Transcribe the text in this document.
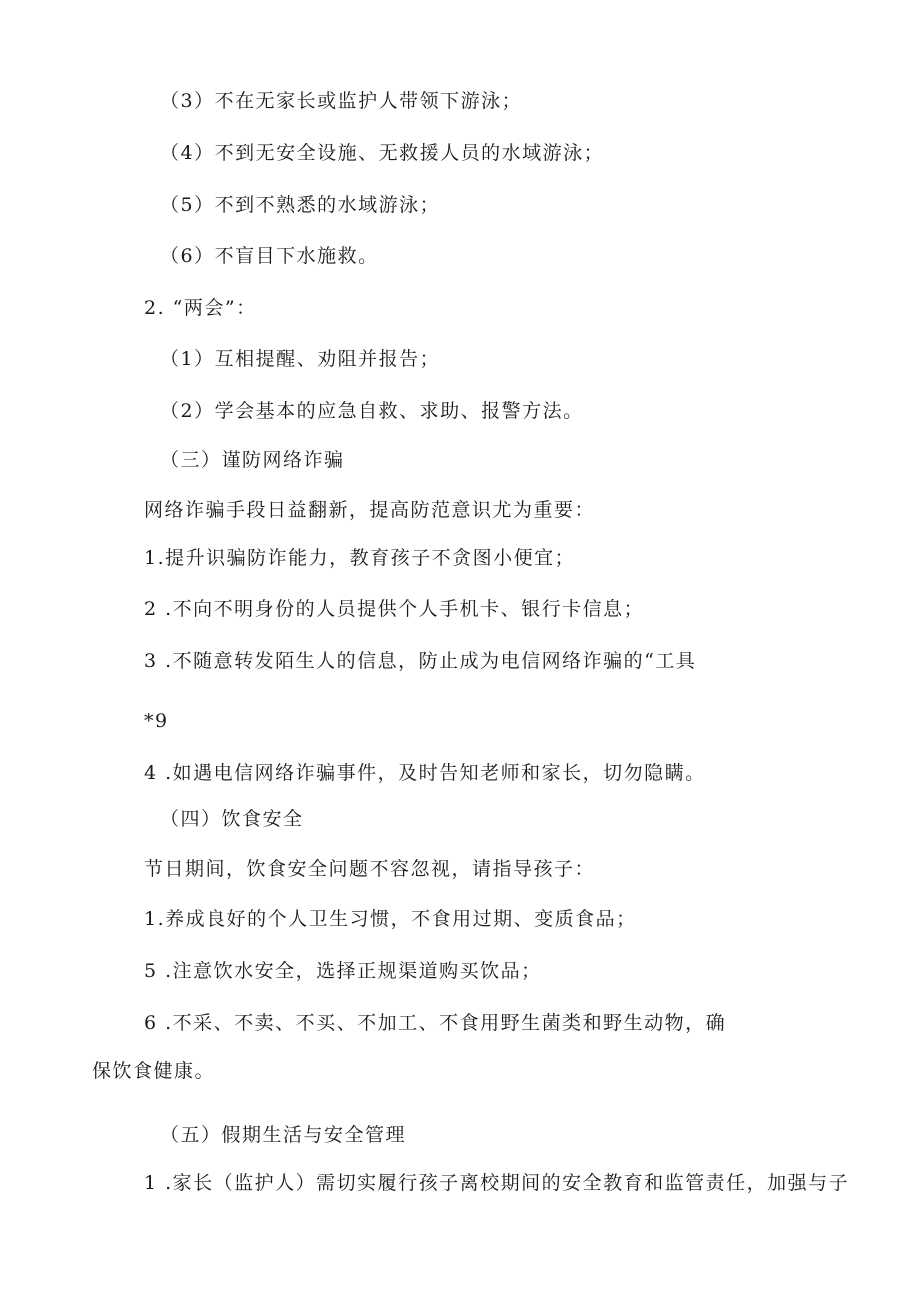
（3）不在无家长或监护人带领下游泳；
（4）不到无安全设施、无救援人员的水域游泳；
（5）不到不熟悉的水域游泳；
（6）不盲目下水施救。
2. “两会”：
（1）互相提醒、劝阻并报告；
（2）学会基本的应急自救、求助、报警方法。
（三）谨防网络诈骗
网络诈骗手段日益翻新，提高防范意识尤为重要：
1.提升识骗防诈能力，教育孩子不贪图小便宜；
2 .不向不明身份的人员提供个人手机卡、银行卡信息；
3 .不随意转发陌生人的信息，防止成为电信网络诈骗的“工具
*9
4 .如遇电信网络诈骗事件，及时告知老师和家长，切勿隐瞒。
（四）饮食安全
节日期间，饮食安全问题不容忽视，请指导孩子：
1.养成良好的个人卫生习惯，不食用过期、变质食品；
5 .注意饮水安全，选择正规渠道购买饮品；
6 .不采、不卖、不买、不加工、不食用野生菌类和野生动物，确
保饮食健康。
（五）假期生活与安全管理
1 .家长（监护人）需切实履行孩子离校期间的安全教育和监管责任，加强与子
